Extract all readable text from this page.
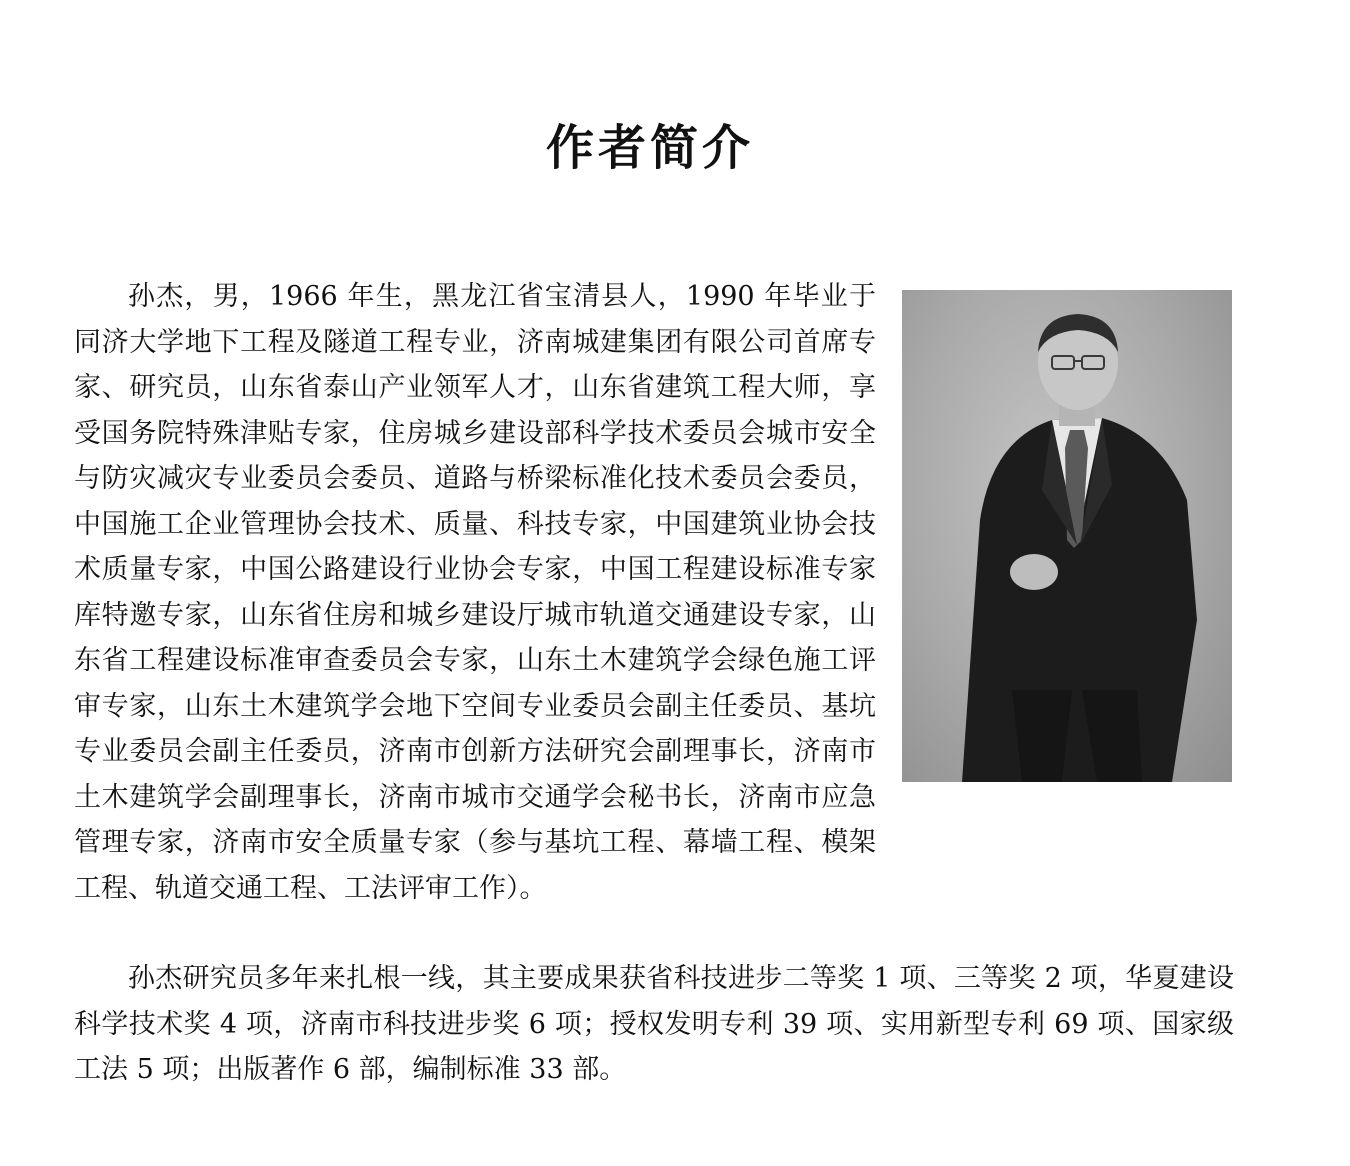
作者简介

孙杰，男，1966 年生，黑龙江省宝清县人，1990 年毕业于同济大学地下工程及隧道工程专业，济南城建集团有限公司首席专家、研究员，山东省泰山产业领军人才，山东省建筑工程大师，享受国务院特殊津贴专家，住房城乡建设部科学技术委员会城市安全与防灾减灾专业委员会委员、道路与桥梁标准化技术委员会委员，中国施工企业管理协会技术、质量、科技专家，中国建筑业协会技术质量专家，中国公路建设行业协会专家，中国工程建设标准专家库特邀专家，山东省住房和城乡建设厅城市轨道交通建设专家，山东省工程建设标准审查委员会专家，山东土木建筑学会绿色施工评审专家，山东土木建筑学会地下空间专业委员会副主任委员、基坑专业委员会副主任委员，济南市创新方法研究会副理事长，济南市土木建筑学会副理事长，济南市城市交通学会秘书长，济南市应急管理专家，济南市安全质量专家（参与基坑工程、幕墙工程、模架工程、轨道交通工程、工法评审工作）。

孙杰研究员多年来扎根一线，其主要成果获省科技进步二等奖 1 项、三等奖 2 项，华夏建设科学技术奖 4 项，济南市科技进步奖 6 项；授权发明专利 39 项、实用新型专利 69 项、国家级工法 5 项；出版著作 6 部，编制标准 33 部。
